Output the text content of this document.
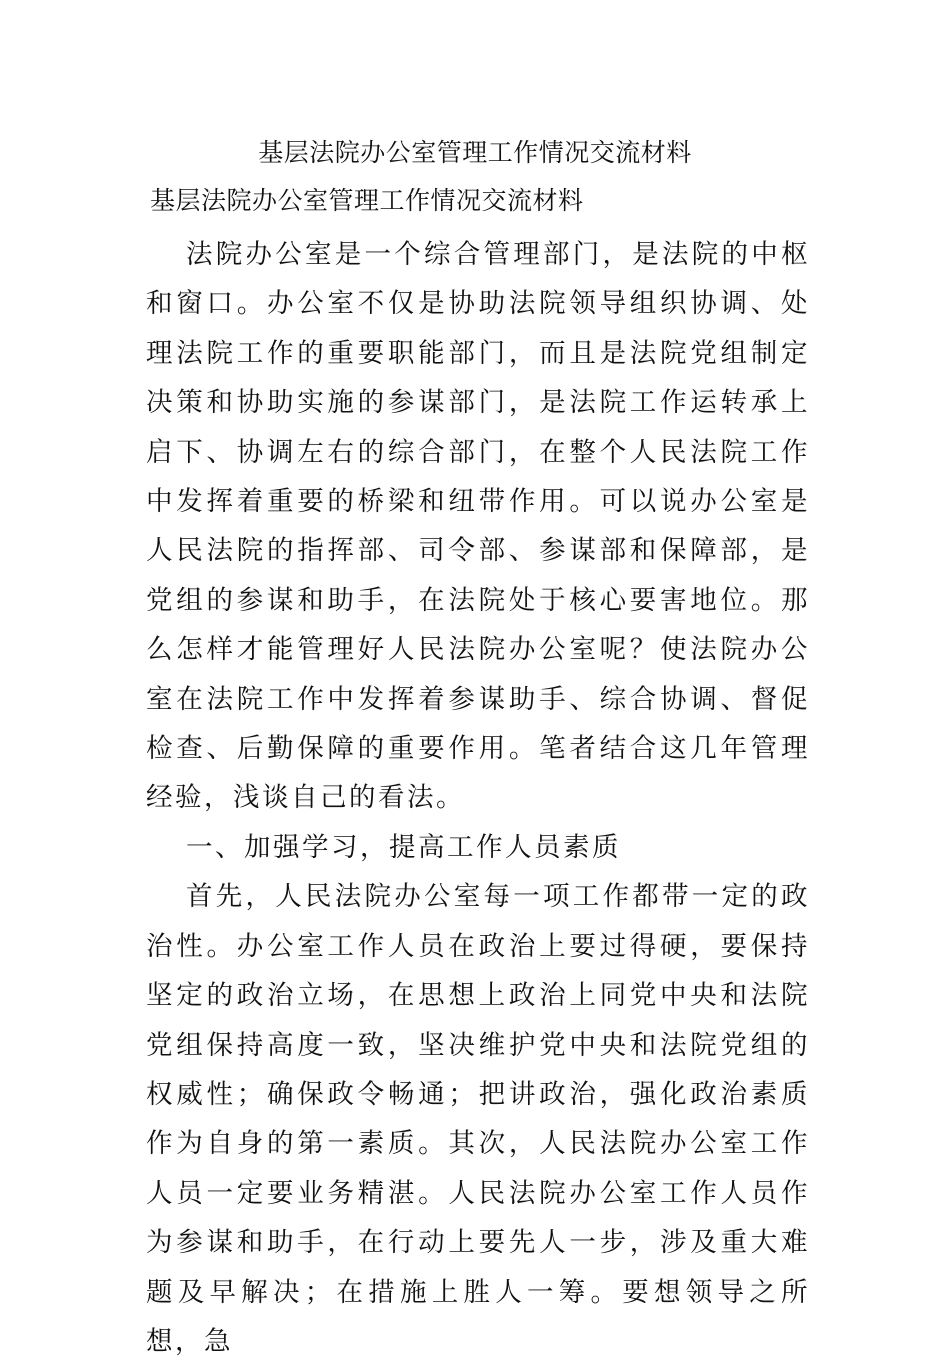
基层法院办公室管理工作情况交流材料
基层法院办公室管理工作情况交流材料

法院办公室是一个综合管理部门，是法院的中枢和窗口。办公室不仅是协助法院领导组织协调、处理法院工作的重要职能部门，而且是法院党组制定决策和协助实施的参谋部门，是法院工作运转承上启下、协调左右的综合部门，在整个人民法院工作中发挥着重要的桥梁和纽带作用。可以说办公室是人民法院的指挥部、司令部、参谋部和保障部，是党组的参谋和助手，在法院处于核心要害地位。那么怎样才能管理好人民法院办公室呢？使法院办公室在法院工作中发挥着参谋助手、综合协调、督促检查、后勤保障的重要作用。笔者结合这几年管理经验，浅谈自己的看法。

一、加强学习，提高工作人员素质

首先，人民法院办公室每一项工作都带一定的政治性。办公室工作人员在政治上要过得硬，要保持坚定的政治立场，在思想上政治上同党中央和法院党组保持高度一致，坚决维护党中央和法院党组的权威性；确保政令畅通；把讲政治，强化政治素质作为自身的第一素质。其次，人民法院办公室工作人员一定要业务精湛。人民法院办公室工作人员作为参谋和助手，在行动上要先人一步，涉及重大难题及早解决；在措施上胜人一筹。要想领导之所想，急
